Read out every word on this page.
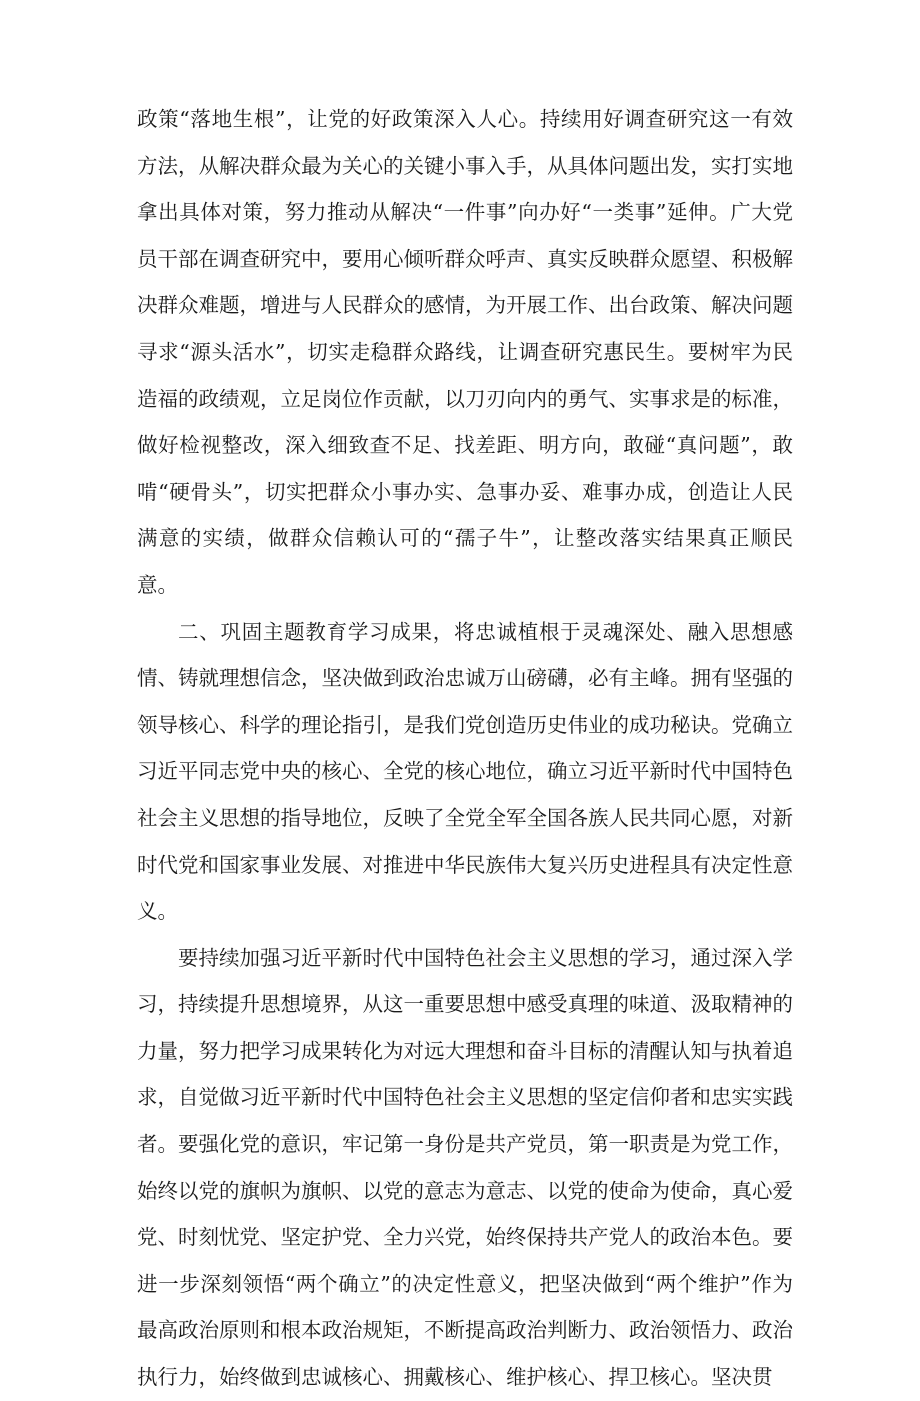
政策“落地生根”，让党的好政策深入人心。持续用好调查研究这一有效方法，从解决群众最为关心的关键小事入手，从具体问题出发，实打实地拿出具体对策，努力推动从解决“一件事”向办好“一类事”延伸。广大党员干部在调查研究中，要用心倾听群众呼声、真实反映群众愿望、积极解决群众难题，增进与人民群众的感情，为开展工作、出台政策、解决问题寻求“源头活水”，切实走稳群众路线，让调查研究惠民生。要树牢为民造福的政绩观，立足岗位作贡献，以刀刃向内的勇气、实事求是的标准，做好检视整改，深入细致查不足、找差距、明方向，敢碰“真问题”，敢啃“硬骨头”，切实把群众小事办实、急事办妥、难事办成，创造让人民满意的实绩，做群众信赖认可的“孺子牛”，让整改落实结果真正顺民意。

二、巩固主题教育学习成果，将忠诚植根于灵魂深处、融入思想感情、铸就理想信念，坚决做到政治忠诚万山磅礴，必有主峰。拥有坚强的领导核心、科学的理论指引，是我们党创造历史伟业的成功秘诀。党确立习近平同志党中央的核心、全党的核心地位，确立习近平新时代中国特色社会主义思想的指导地位，反映了全党全军全国各族人民共同心愿，对新时代党和国家事业发展、对推进中华民族伟大复兴历史进程具有决定性意义。

要持续加强习近平新时代中国特色社会主义思想的学习，通过深入学习，持续提升思想境界，从这一重要思想中感受真理的味道、汲取精神的力量，努力把学习成果转化为对远大理想和奋斗目标的清醒认知与执着追求，自觉做习近平新时代中国特色社会主义思想的坚定信仰者和忠实实践者。要强化党的意识，牢记第一身份是共产党员，第一职责是为党工作，始终以党的旗帜为旗帜、以党的意志为意志、以党的使命为使命，真心爱党、时刻忧党、坚定护党、全力兴党，始终保持共产党人的政治本色。要进一步深刻领悟“两个确立”的决定性意义，把坚决做到“两个维护”作为最高政治原则和根本政治规矩，不断提高政治判断力、政治领悟力、政治执行力，始终做到忠诚核心、拥戴核心、维护核心、捍卫核心。坚决贯
